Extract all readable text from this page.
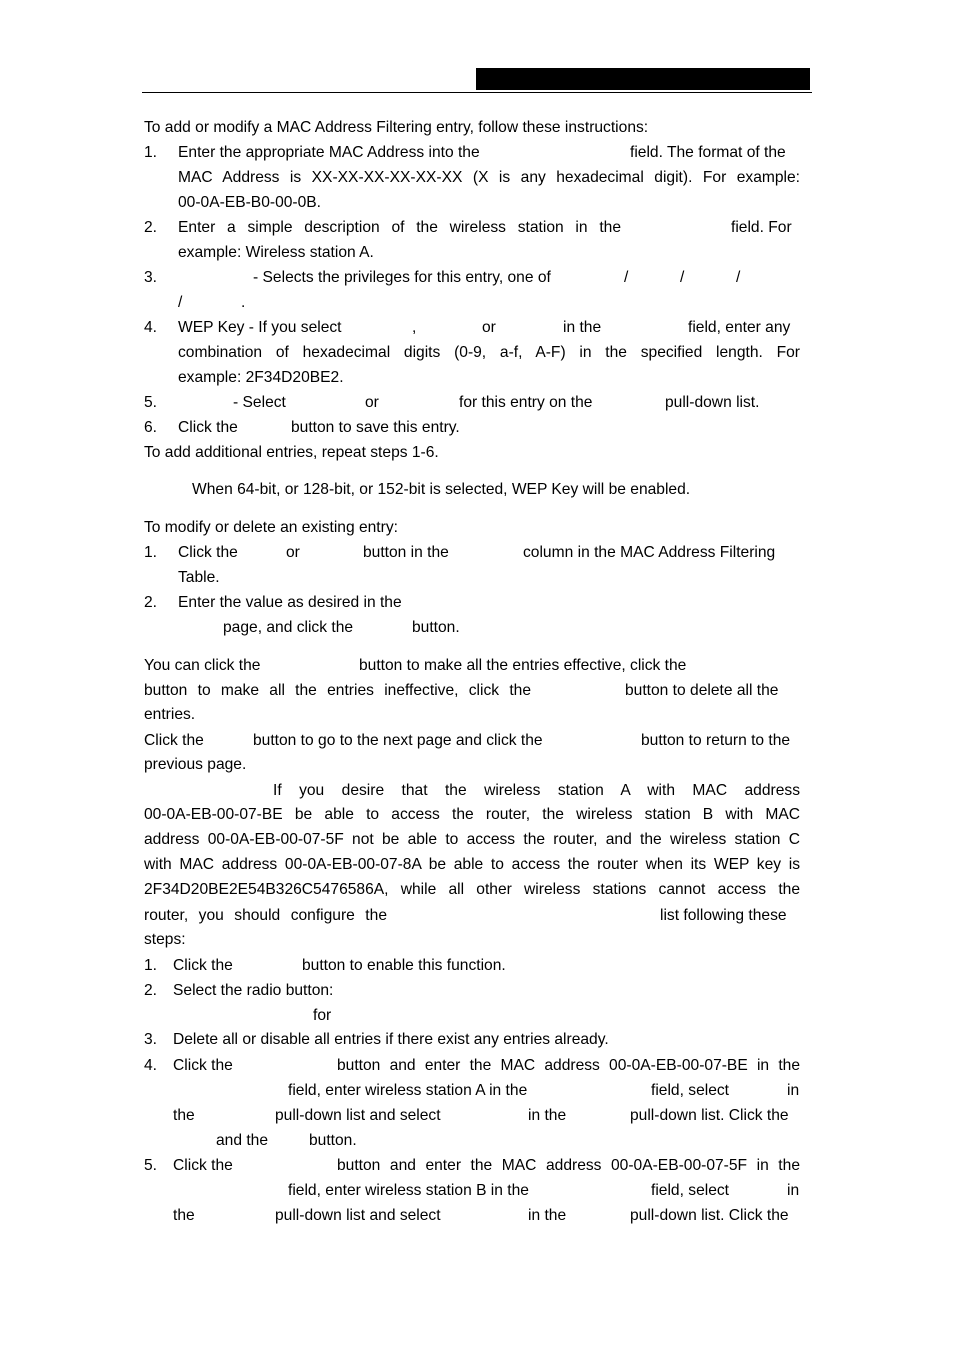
To add or modify a MAC Address Filtering entry, follow these instructions:
1. Enter the appropriate MAC Address into the	field. The format of the
MAC Address is XX-XX-XX-XX-XX-XX (X is any hexadecimal digit). For example:
00-0A-EB-B0-00-0B.
2. Enter a simple description of the wireless station in the	field. For
example: Wireless station A.
3.	- Selects the privileges for this entry, one of	/	/	/
/	.
4. WEP Key - If you select	,	or	in the	field, enter any
combination of hexadecimal digits (0-9, a-f, A-F) in the specified length. For
example: 2F34D20BE2.
5.	- Select	or	for this entry on the	pull-down list.
6. Click the	button to save this entry.
To add additional entries, repeat steps 1-6.
When 64-bit, or 128-bit, or 152-bit is selected, WEP Key will be enabled.
To modify or delete an existing entry:
1. Click the	or	button in the	column in the MAC Address Filtering
Table.
2. Enter the value as desired in the
page, and click the	button.
You can click the	button to make all the entries effective, click the
button to make all the entries ineffective, click the	button to delete all the
entries.
Click the	button to go to the next page and click the	button to return to the
previous page.
If you desire that the wireless station A with MAC address
00-0A-EB-00-07-BE be able to access the router, the wireless station B with MAC
address 00-0A-EB-00-07-5F not be able to access the router, and the wireless station C
with MAC address 00-0A-EB-00-07-8A be able to access the router when its WEP key is
2F34D20BE2E54B326C5476586A, while all other wireless stations cannot access the
router, you should configure the	list following these
steps:
1. Click the	button to enable this function.
2. Select the radio button:
for
3. Delete all or disable all entries if there exist any entries already.
4. Click the	button and enter the MAC address 00-0A-EB-00-07-BE in the
field, enter wireless station A in the	field, select	in
the	pull-down list and select	in the	pull-down list. Click the
and the	button.
5. Click the	button and enter the MAC address 00-0A-EB-00-07-5F in the
field, enter wireless station B in the	field, select	in
the	pull-down list and select	in the	pull-down list. Click the
